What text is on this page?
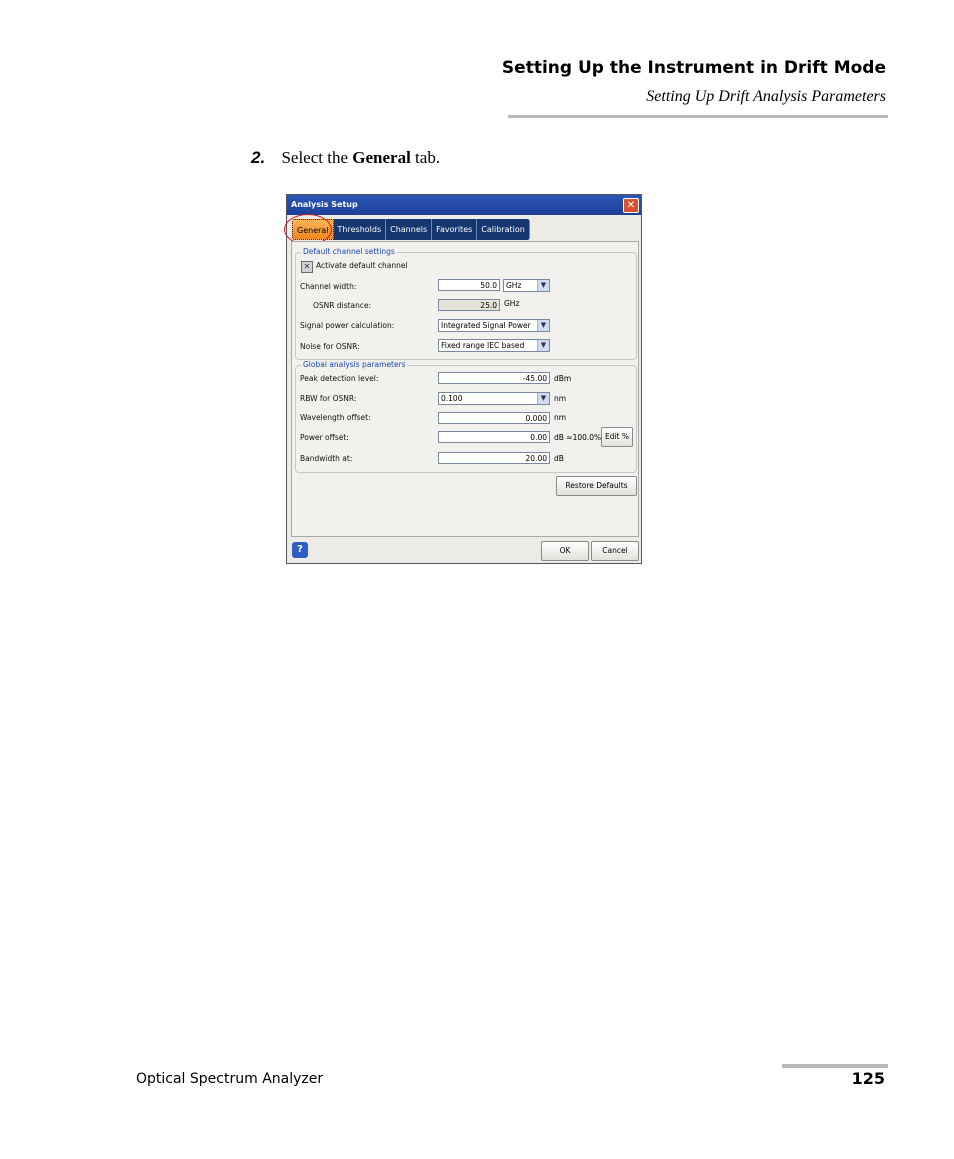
Setting Up the Instrument in Drift Mode
Setting Up Drift Analysis Parameters
2. Select the General tab.
Analysis Setup	✕
General	Thresholds	Channels	Favorites	Calibration
Default channel settings
✕ Activate default channel
Channel width:	50.0	GHz	▼
OSNR distance:	25.0 GHz
Signal power calculation:	Integrated Signal Power	▼
Noise for OSNR:	Fixed range IEC based	▼
Global analysis parameters
Peak detection level:	-45.00 dBm
RBW for OSNR:	0.100	▼	nm
Wavelength offset:	0.000 nm
Power offset:	0.00 dB ≈100.0% Edit %
Bandwidth at:	20.00 dB
Restore Defaults
?	OK	Cancel
Optical Spectrum Analyzer	125
